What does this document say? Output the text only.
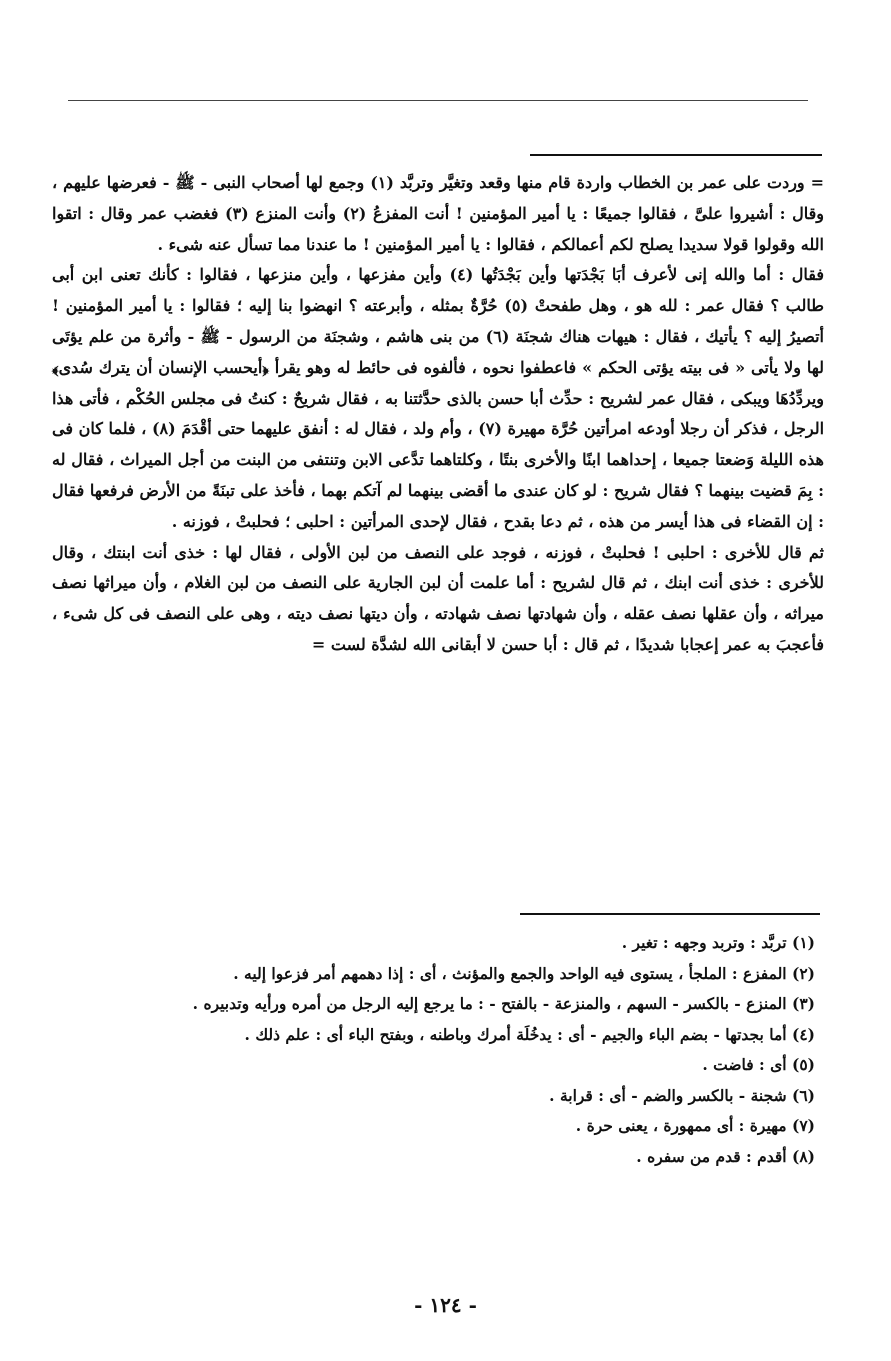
= وردت على عمر بن الخطاب واردة قام منها وقعد وتغيَّر وتربَّد (١) وجمع لها أصحاب النبى - ﷺ - فعرضها عليهم ، وقال : أشيروا علىَّ ، فقالوا جميعًا : يا أمير المؤمنين ! أنت المفزعُ (٢) وأنت المنزع (٣) فغضب عمر وقال : اتقوا الله وقولوا قولا سديدا يصلح لكم أعمالكم ، فقالوا : يا أمير المؤمنين ! ما عندنا مما تسأل عنه شىء .

فقال : أما والله إنى لأعرف أبَا بَجْدَتها وأين بَجْدَتُها (٤) وأين مفزعها ، وأين منزعها ، فقالوا : كأنك تعنى ابن أبى طالب ؟ فقال عمر : لله هو ، وهل طفحتْ (٥) حُرَّةٌ بمثله ، وأبرعته ؟ انهضوا بنا إليه ؛ فقالوا : يا أمير المؤمنين ! أتصيرُ إليه ؟ يأتيك ، فقال : هيهات هناك شجنَة (٦) من بنى هاشم ، وشجنَة من الرسول - ﷺ - وأثرة من علم يؤتَى لها ولا يأتى « فى بيته يؤتى الحكم » فاعطفوا نحوه ، فألفوه فى حائط له وهو يقرأ ﴿أيحسب الإنسان أن يترك سُدى﴾ ويردِّدُهَا ويبكى ، فقال عمر لشريح : حدِّث أبا حسن بالذى حدَّثتنا به ، فقال شريحٌ : كنتُ فى مجلس الحُكْم ، فأتى هذا الرجل ، فذكر أن رجلا أودعه امرأتين حُرَّة مهيرة (٧) ، وأم ولد ، فقال له : أنفق عليهما حتى أقْدَمَ (٨) ، فلما كان فى هذه الليلة وَضعتا جميعا ، إحداهما ابنًا والأخرى بنتًا ، وكلتاهما تدَّعى الابن وتنتفى من البنت من أجل الميراث ، فقال له : بِمَ قضيت بينهما ؟ فقال شريح : لو كان عندى ما أقضى بينهما لم آتكم بهما ، فأخذ على تبنَةً من الأرض فرفعها فقال : إن القضاء فى هذا أيسر من هذه ، ثم دعا بقدح ، فقال لإحدى المرأتين : احلبى ؛ فحلبتْ ، فوزنه .

ثم قال للأخرى : احلبى ! فحلبتْ ، فوزنه ، فوجد على النصف من لبن الأولى ، فقال لها : خذى أنت ابنتك ، وقال للأخرى : خذى أنت ابنك ، ثم قال لشريح : أما علمت أن لبن الجارية على النصف من لبن الغلام ، وأن ميراثها نصف ميراثه ، وأن عقلها نصف عقله ، وأن شهادتها نصف شهادته ، وأن ديتها نصف ديته ، وهى على النصف فى كل شىء ، فأعجبَ به عمر إعجابا شديدًا ، ثم قال : أبا حسن لا أبقانى الله لشدَّة لست =

(١) تربَّد : وتربد وجهه : تغير .

(٢) المفزع : الملجأ ، يستوى فيه الواحد والجمع والمؤنث ، أى : إذا دهمهم أمر فزعوا إليه .

(٣) المنزع - بالكسر - السهم ، والمنزعة - بالفتح - : ما يرجع إليه الرجل من أمره ورأيه وتدبيره .

(٤) أما بجدتها - بضم الباء والجيم - أى : يدخُلَة أمرك وباطنه ، وبفتح الباء أى : علم ذلك .

(٥) أى : فاضت .

(٦) شجنة - بالكسر والضم - أى : قرابة .

(٧) مهيرة : أى ممهورة ، يعنى حرة .

(٨) أقدم : قدم من سفره .

- ١٢٤ -
